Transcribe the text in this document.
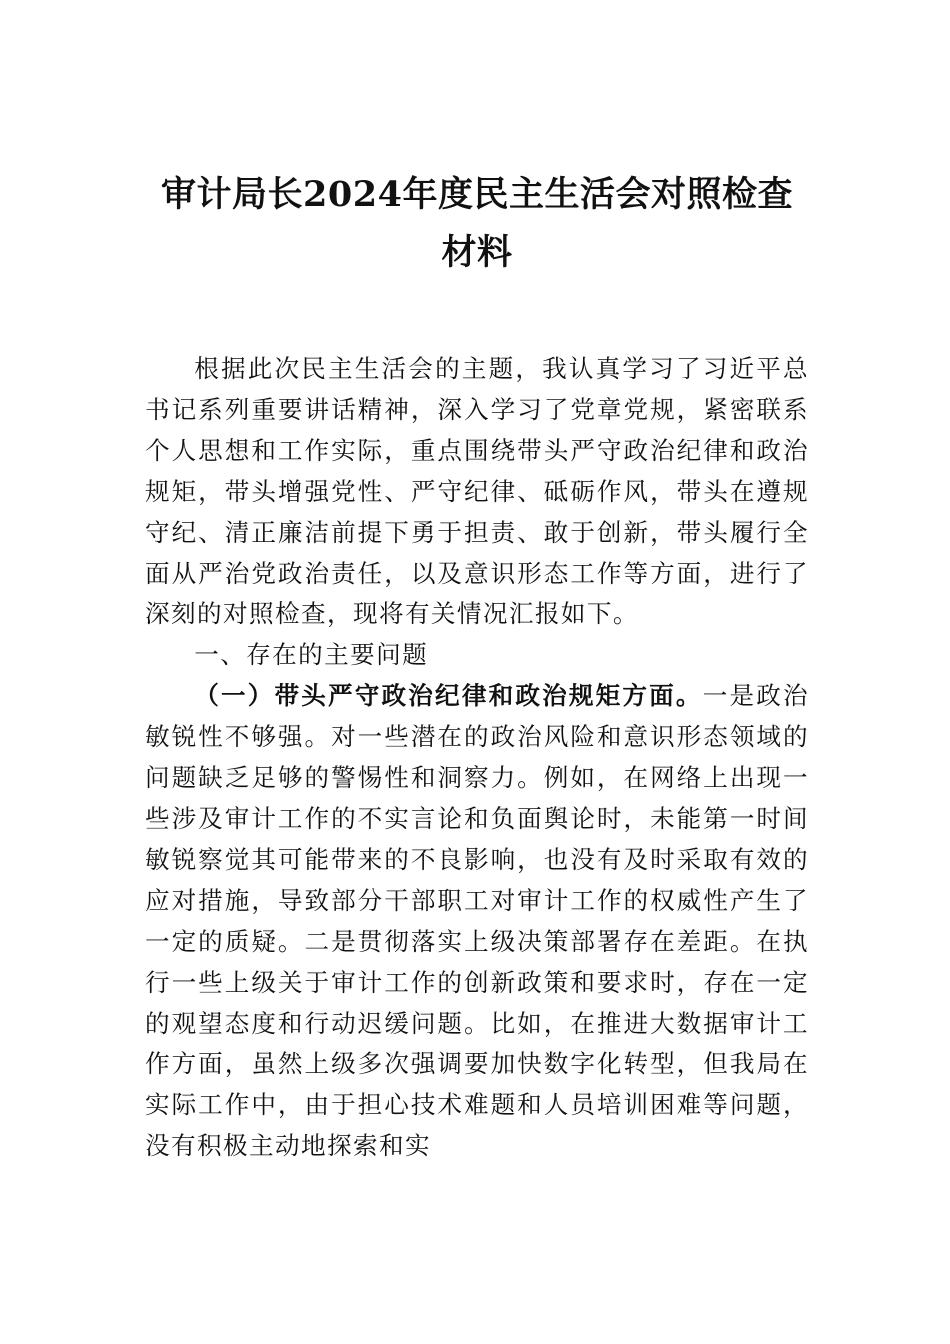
审计局长2024年度民主生活会对照检查材料

根据此次民主生活会的主题，我认真学习了习近平总书记系列重要讲话精神，深入学习了党章党规，紧密联系个人思想和工作实际，重点围绕带头严守政治纪律和政治规矩，带头增强党性、严守纪律、砥砺作风，带头在遵规守纪、清正廉洁前提下勇于担责、敢于创新，带头履行全面从严治党政治责任，以及意识形态工作等方面，进行了深刻的对照检查，现将有关情况汇报如下。

一、存在的主要问题

（一）带头严守政治纪律和政治规矩方面。一是政治敏锐性不够强。对一些潜在的政治风险和意识形态领域的问题缺乏足够的警惕性和洞察力。例如，在网络上出现一些涉及审计工作的不实言论和负面舆论时，未能第一时间敏锐察觉其可能带来的不良影响，也没有及时采取有效的应对措施，导致部分干部职工对审计工作的权威性产生了一定的质疑。二是贯彻落实上级决策部署存在差距。在执行一些上级关于审计工作的创新政策和要求时，存在一定的观望态度和行动迟缓问题。比如，在推进大数据审计工作方面，虽然上级多次强调要加快数字化转型，但我局在实际工作中，由于担心技术难题和人员培训困难等问题，没有积极主动地探索和实
